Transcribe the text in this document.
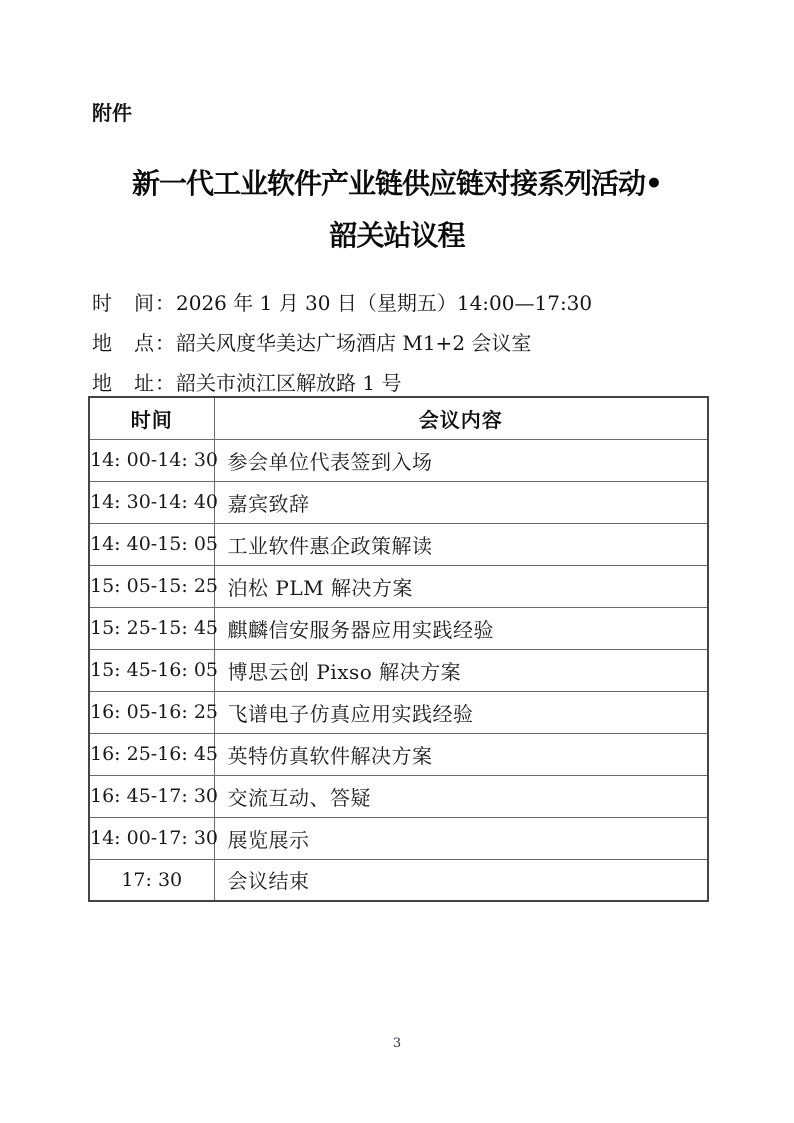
附件
新一代工业软件产业链供应链对接系列活动•
韶关站议程
时　间：2026 年 1 月 30 日（星期五）14:00—17:30
地　点：韶关风度华美达广场酒店 M1+2 会议室
地　址：韶关市浈江区解放路 1 号
时间	会议内容
14: 00-14: 30	参会单位代表签到入场
14: 30-14: 40	嘉宾致辞
14: 40-15: 05	工业软件惠企政策解读
15: 05-15: 25	泊松 PLM 解决方案
15: 25-15: 45	麒麟信安服务器应用实践经验
15: 45-16: 05	博思云创 Pixso 解决方案
16: 05-16: 25	飞谱电子仿真应用实践经验
16: 25-16: 45	英特仿真软件解决方案
16: 45-17: 30	交流互动、答疑
14: 00-17: 30	展览展示
17: 30	会议结束
3
